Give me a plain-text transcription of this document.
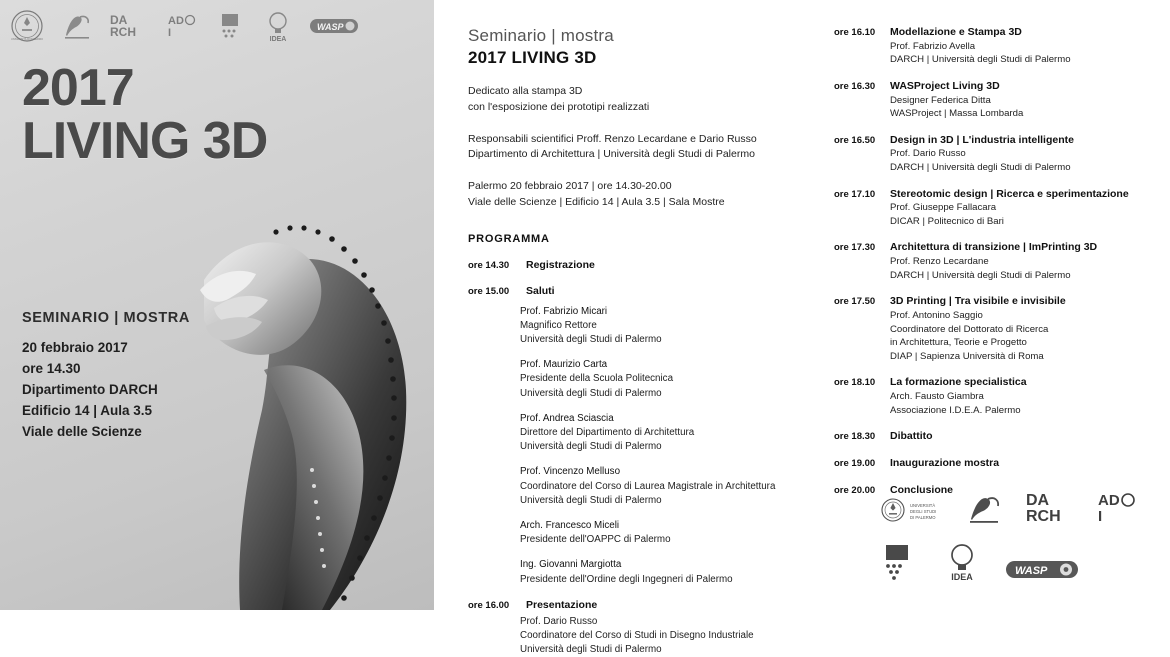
UNIVERSITÀ DI PALERMO
DA
RCH
AD
I
IDEA
WASP
2017
LIVING 3D
SEMINARIO | MOSTRA
20 febbraio 2017
ore 14.30
Dipartimento DARCH
Edificio 14 | Aula 3.5
Viale delle Scienze
Seminario | mostra
2017 LIVING 3D
Dedicato alla stampa 3D
con l'esposizione dei prototipi realizzati
Responsabili scientifici Proff. Renzo Lecardane e Dario Russo
Dipartimento di Architettura | Università degli Studi di Palermo
Palermo 20 febbraio 2017 | ore 14.30-20.00
Viale delle Scienze | Edificio 14 | Aula 3.5 | Sala Mostre
PROGRAMMA
ore 14.30	Registrazione
ore 15.00	Saluti
Prof. Fabrizio Micari
Magnifico Rettore
Università degli Studi di Palermo
Prof. Maurizio Carta
Presidente della Scuola Politecnica
Università degli Studi di Palermo
Prof. Andrea Sciascia
Direttore del Dipartimento di Architettura
Università degli Studi di Palermo
Prof. Vincenzo Melluso
Coordinatore del Corso di Laurea Magistrale in Architettura
Università degli Studi di Palermo
Arch. Francesco Miceli
Presidente dell'OAPPC di Palermo
Ing. Giovanni Margiotta
Presidente dell'Ordine degli Ingegneri di Palermo
ore 16.00	Presentazione
Prof. Dario Russo
Coordinatore del Corso di Studi in Disegno Industriale
Università degli Studi di Palermo
ore 16.10	Modellazione e Stampa 3D
Prof. Fabrizio Avella
DARCH | Università degli Studi di Palermo
ore 16.30	WASProject Living 3D
Designer Federica Ditta
WASProject | Massa Lombarda
ore 16.50	Design in 3D | L'industria intelligente
Prof. Dario Russo
DARCH | Università degli Studi di Palermo
ore 17.10	Stereotomic design | Ricerca e sperimentazione
Prof. Giuseppe Fallacara
DICAR | Politecnico di Bari
ore 17.30	Architettura di transizione | ImPrinting 3D
Prof. Renzo Lecardane
DARCH | Università degli Studi di Palermo
ore 17.50	3D Printing | Tra visibile e invisibile
Prof. Antonino Saggio
Coordinatore del Dottorato di Ricerca
in Architettura, Teorie e Progetto
DIAP | Sapienza Università di Roma
ore 18.10	La formazione specialistica
Arch. Fausto Giambra
Associazione I.D.E.A. Palermo
ore 18.30	Dibattito
ore 19.00	Inaugurazione mostra
ore 20.00	Conclusione
UNIVERSITÀ
DEGLI STUDI
DI PALERMO
DA
RCH
AD
I
IDEA	WASP
